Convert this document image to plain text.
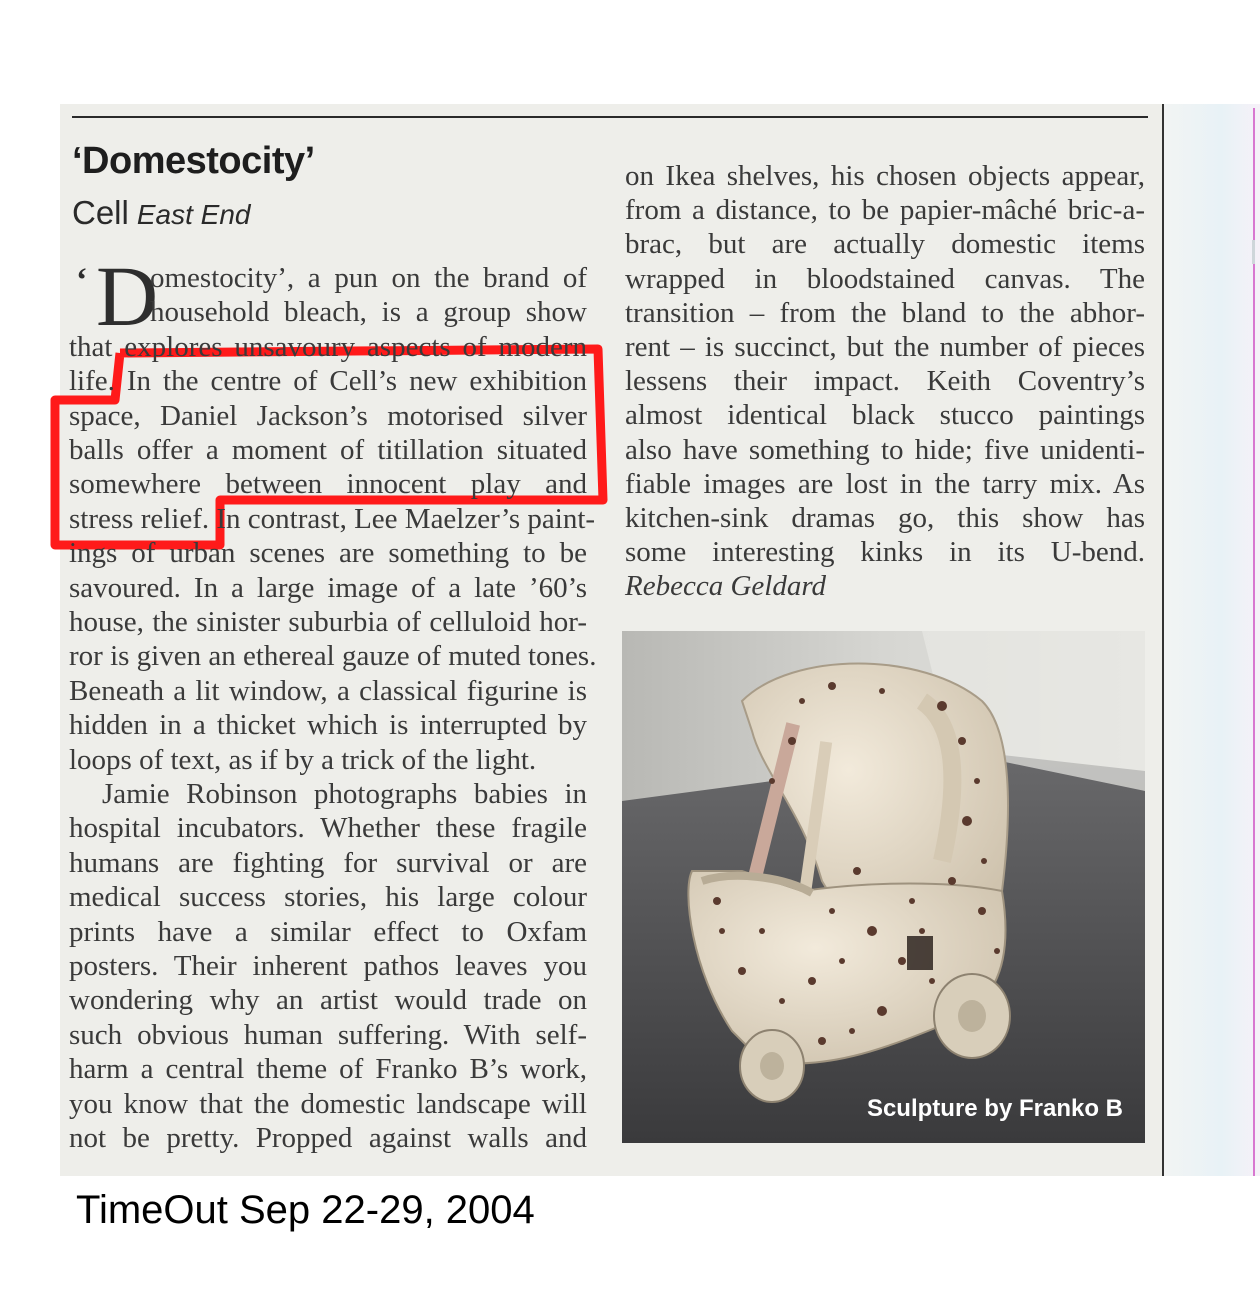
‘Domestocity’
Cell East End
‘ D
Sculpture by Franko B
TimeOut Sep 22-29, 2004
omestocity’, a pun on the brand of
household bleach, is a group show
that explores unsavoury aspects of modern
life. In the centre of Cell’s new exhibition
space, Daniel Jackson’s motorised silver
balls offer a moment of titillation situated
somewhere between innocent play and
stress relief. In contrast, Lee Maelzer’s paint-
ings of urban scenes are something to be
savoured. In a large image of a late ’60’s
house, the sinister suburbia of celluloid hor-
ror is given an ethereal gauze of muted tones.
Beneath a lit window, a classical figurine is
hidden in a thicket which is interrupted by
loops of text, as if by a trick of the light.
Jamie Robinson photographs babies in
hospital incubators. Whether these fragile
humans are fighting for survival or are
medical success stories, his large colour
prints have a similar effect to Oxfam
posters. Their inherent pathos leaves you
wondering why an artist would trade on
such obvious human suffering. With self-
harm a central theme of Franko B’s work,
you know that the domestic landscape will
not be pretty. Propped against walls and
on Ikea shelves, his chosen objects appear,
from a distance, to be papier-mâché bric-a-
brac, but are actually domestic items
wrapped in bloodstained canvas. The
transition – from the bland to the abhor-
rent – is succinct, but the number of pieces
lessens their impact. Keith Coventry’s
almost identical black stucco paintings
also have something to hide; five unidenti-
fiable images are lost in the tarry mix. As
kitchen-sink dramas go, this show has
some interesting kinks in its U-bend.
Rebecca Geldard
